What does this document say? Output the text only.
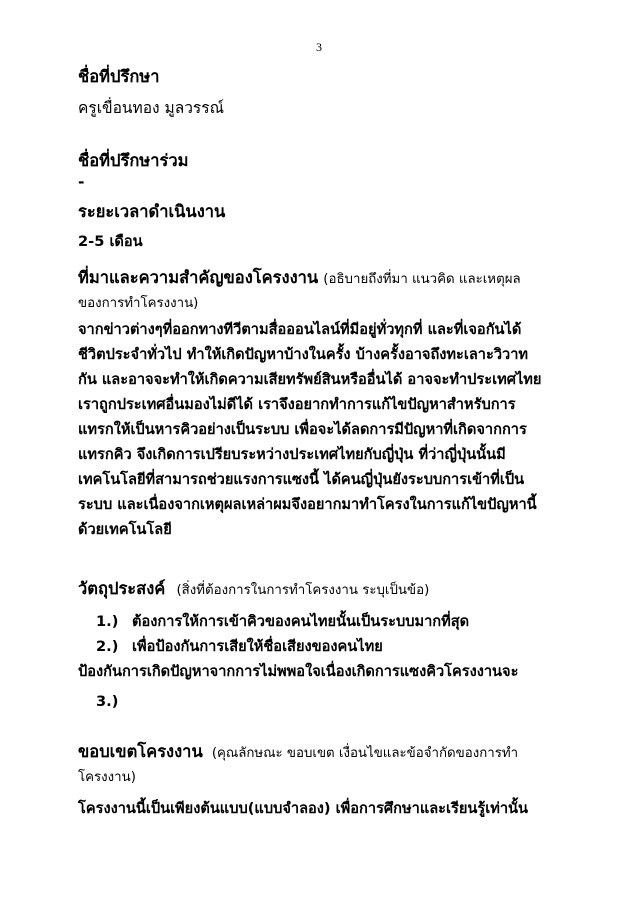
3
ชื่อที่ปรึกษา
ครูเขื่อนทอง มูลวรรณ์
ชื่อที่ปรึกษาร่วม
-
ระยะเวลาดำเนินงาน
2-5 เดือน
ที่มาและความสำคัญของโครงงาน (อธิบายถึงที่มา แนวคิด และเหตุผล
ของการทำโครงงาน)
จากข่าวต่างๆที่ออกทางทีวีตามสื่อออนไลน์ที่มีอยู่ทั่วทุกที่ และที่เจอกันได้
ชีวิตประจำทั่วไป ทำให้เกิดปัญหาบ้างในครั้ง บ้างครั้งอาจถึงทะเลาะวิวาท
กัน และอาจจะทำให้เกิดความเสียทรัพย์สินหรืออื่นได้ อาจจะทำประเทศไทย
เราถูกประเทศอื่นมองไม่ดีได้ เราจึงอยากทำการแก้ไขปัญหาสำหรับการ
แทรกให้เป็นหารคิวอย่างเป็นระบบ เพื่อจะได้ลดการมีปัญหาที่เกิดจากการ
แทรกคิว จึงเกิดการเปรียบระหว่างประเทศไทยกับญี่ปุ่น ที่ว่าญี่ปุ่นนั้นมี
เทคโนโลยีที่สามารถช่วยแรงการแซงนี้ ได้คนญี่ปุ่นยังระบบการเข้าที่เป็น
ระบบ และเนื่องจากเหตุผลเหล่าผมจึงอยากมาทำโครงในการแก้ไขปัญหานี้
ด้วยเทคโนโลยี
วัตถุประสงค์ (สิ่งที่ต้องการในการทำโครงงาน ระบุเป็นข้อ)
1.) ต้องการให้การเข้าคิวของคนไทยนั้นเป็นระบบมากที่สุด
2.) เพื่อป้องกันการเสียให้ชื่อเสียงของคนไทย
ป้องกันการเกิดปัญหาจากการไม่พพอใจเนื่องเกิดการแซงคิวโครงงานจะ
3.)
ขอบเขตโครงงาน (คุณลักษณะ ขอบเขต เงื่อนไขและข้อจำกัดของการทำ
โครงงาน)
โครงงานนี้เป็นเพียงต้นแบบ(แบบจำลอง) เพื่อการศึกษาและเรียนรู้เท่านั้น
